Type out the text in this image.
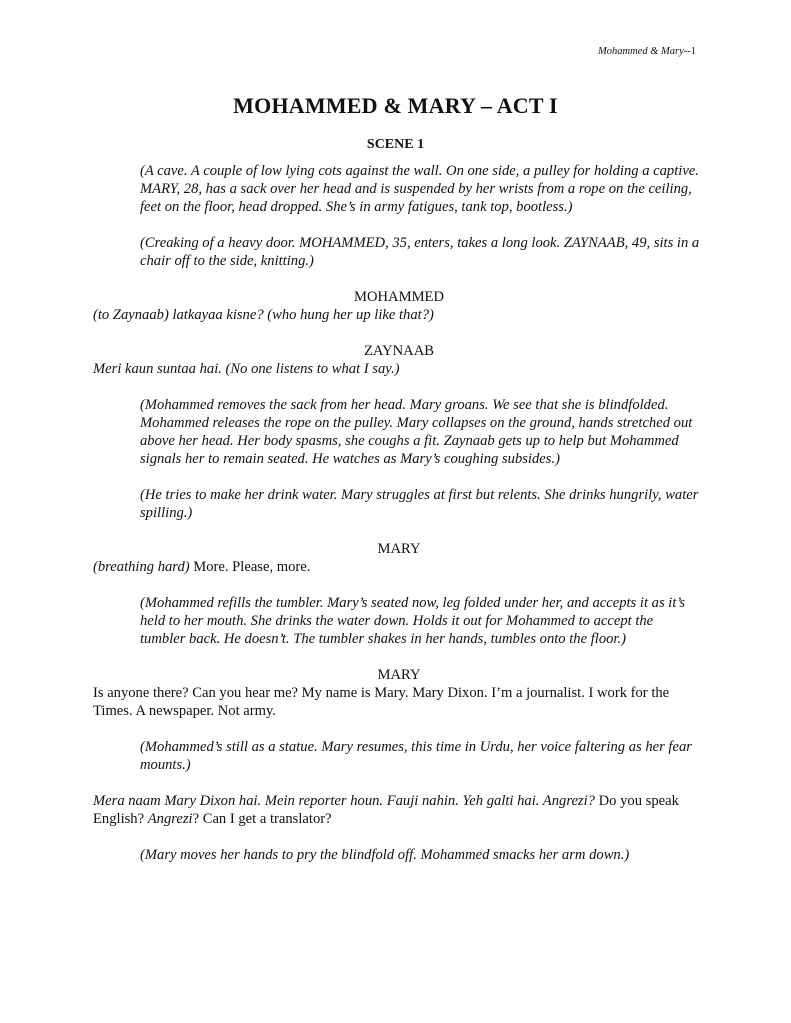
Mohammed & Mary--1
MOHAMMED & MARY – ACT I
SCENE 1

(A cave. A couple of low lying cots against the wall. On one side, a pulley for holding a captive. MARY, 28, has a sack over her head and is suspended by her wrists from a rope on the ceiling, feet on the floor, head dropped. She’s in army fatigues, tank top, bootless.)

(Creaking of a heavy door. MOHAMMED, 35, enters, takes a long look. ZAYNAAB, 49, sits in a chair off to the side, knitting.)

MOHAMMED

(to Zaynaab) latkayaa kisne? (who hung her up like that?)

ZAYNAAB

Meri kaun suntaa hai. (No one listens to what I say.)

(Mohammed removes the sack from her head. Mary groans. We see that she is blindfolded. Mohammed releases the rope on the pulley. Mary collapses on the ground, hands stretched out above her head. Her body spasms, she coughs a fit. Zaynaab gets up to help but Mohammed signals her to remain seated. He watches as Mary’s coughing subsides.)

(He tries to make her drink water. Mary struggles at first but relents. She drinks hungrily, water spilling.)

MARY

(breathing hard) More. Please, more.

(Mohammed refills the tumbler. Mary’s seated now, leg folded under her, and accepts it as it’s held to her mouth. She drinks the water down. Holds it out for Mohammed to accept the tumbler back. He doesn’t. The tumbler shakes in her hands, tumbles onto the floor.)

MARY

Is anyone there? Can you hear me? My name is Mary. Mary Dixon. I’m a journalist. I work for the Times. A newspaper. Not army.

(Mohammed’s still as a statue. Mary resumes, this time in Urdu, her voice faltering as her fear mounts.)

Mera naam Mary Dixon hai. Mein reporter houn. Fauji nahin. Yeh galti hai. Angrezi? Do you speak English? Angrezi? Can I get a translator?

(Mary moves her hands to pry the blindfold off. Mohammed smacks her arm down.)
